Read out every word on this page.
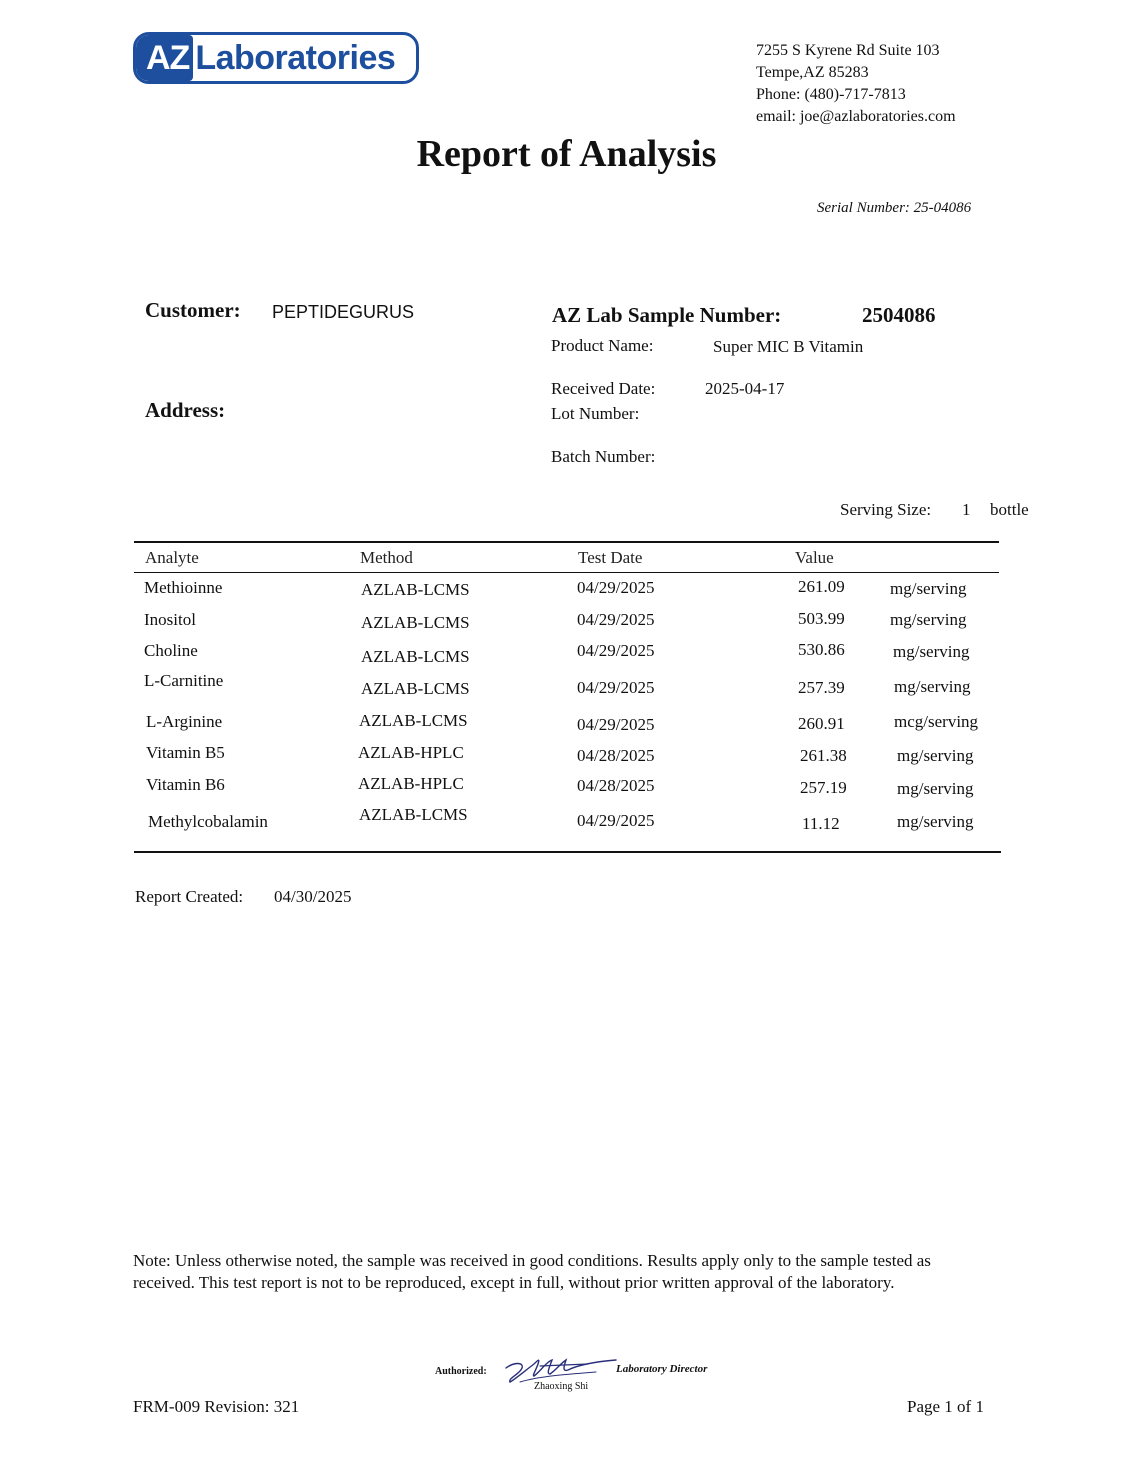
AZ Laboratories	7255 S Kyrene Rd Suite 103
Tempe,AZ 85283
Phone: (480)-717-7813
email: joe@azlaboratories.com
Report of Analysis
Serial Number: 25-04086
Customer: PEPTIDEGURUS
Address:
AZ Lab Sample Number:	2504086
Product Name:	Super MIC B Vitamin
Received Date:	2025-04-17
Lot Number:
Batch Number:
Serving Size: 1 bottle
Analyte	Method	Test Date	Value
Methioinne	AZLAB-LCMS	04/29/2025	261.09	mg/serving
Inositol	AZLAB-LCMS	04/29/2025	503.99	mg/serving
Choline	AZLAB-LCMS	04/29/2025	530.86	mg/serving
L-Carnitine	AZLAB-LCMS	04/29/2025	257.39	mg/serving
L-Arginine	AZLAB-LCMS	04/29/2025	260.91	mcg/serving
Vitamin B5	AZLAB-HPLC	04/28/2025	261.38	mg/serving
Vitamin B6	AZLAB-HPLC	04/28/2025	257.19	mg/serving
Methylcobalamin	AZLAB-LCMS	04/29/2025	11.12	mg/serving
Report Created: 04/30/2025
Note: Unless otherwise noted, the sample was received in good conditions. Results apply only to the sample tested as received. This test report is not to be reproduced, except in full, without prior written approval of the laboratory.
Authorized:	Laboratory Director
Zhaoxing Shi
FRM-009 Revision: 321	Page 1 of 1
